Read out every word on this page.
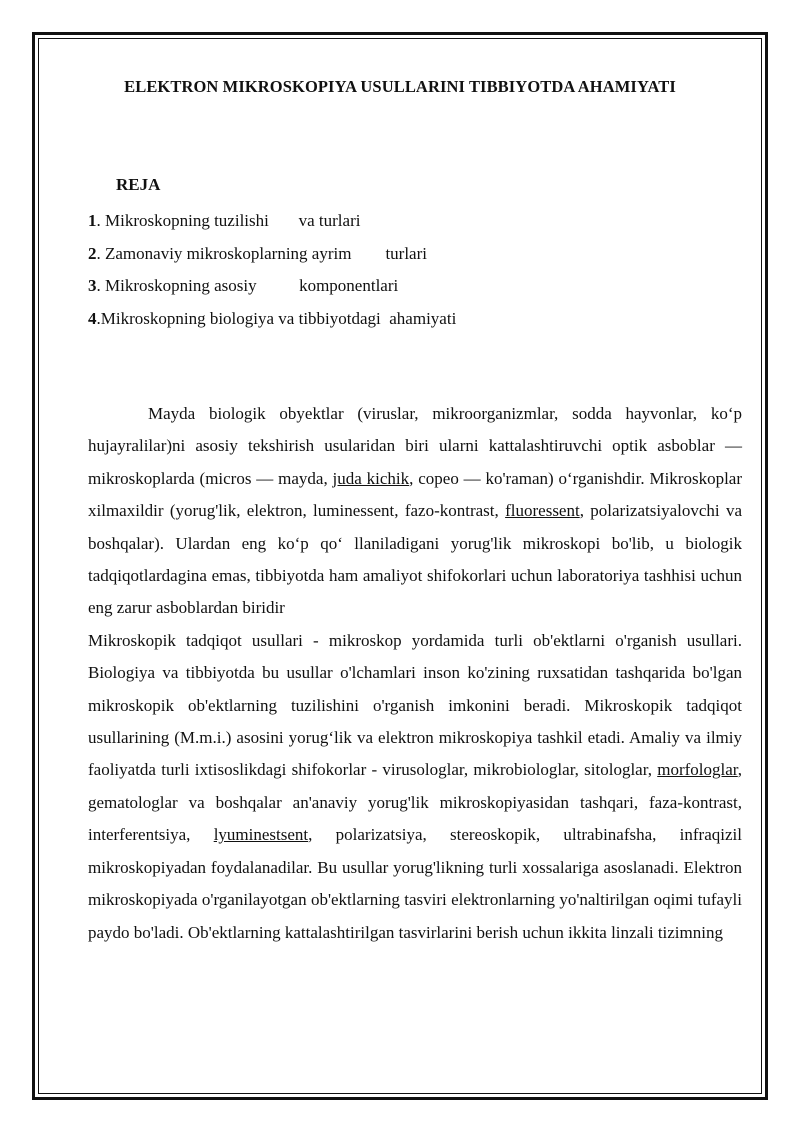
ELEKTRON MIKROSKOPIYA USULLARINI TIBBIYOTDA AHAMIYATI
REJA
1. Mikroskopning tuzilishi       va turlari
2. Zamonaviy mikroskoplarning ayrim        turlari
3. Mikroskopning asosiy          komponentlari
4.Mikroskopning biologiya va tibbiyotdagi  ahamiyati

Mayda biologik obyektlar (viruslar, mikroorganizmlar, sodda hayvonlar, ko‘p hujayralilar)ni asosiy tekshirish usularidan biri ularni kattalashtiruvchi optik asboblar — mikroskoplarda (micros — mayda, juda kichik, copeo — ko'raman) o‘rganishdir. Mikroskoplar xilmaxildir (yorug'lik, elektron, luminessent, fazo-kontrast, fluoressent, polarizatsiyalovchi va boshqalar). Ulardan eng ko‘p qo‘ llaniladigani yorug'lik mikroskopi bo'lib, u biologik tadqiqotlardagina emas, tibbiyotda ham amaliyot shifokorlari uchun laboratoriya tashhisi uchun eng zarur asboblardan biridir

Mikroskopik tadqiqot usullari - mikroskop yordamida turli ob'ektlarni o'rganish usullari. Biologiya va tibbiyotda bu usullar o'lchamlari inson ko'zining ruxsatidan tashqarida bo'lgan mikroskopik ob'ektlarning tuzilishini o'rganish imkonini beradi. Mikroskopik tadqiqot usullarining (M.m.i.) asosini yorug‘lik va elektron mikroskopiya tashkil etadi. Amaliy va ilmiy faoliyatda turli ixtisoslikdagi shifokorlar - virusologlar, mikrobiologlar, sitologlar, morfologlar, gematologlar va boshqalar an'anaviy yorug'lik mikroskopiyasidan tashqari, faza-kontrast, interferentsiya, lyuminestsent, polarizatsiya, stereoskopik, ultrabinafsha, infraqizil mikroskopiyadan foydalanadilar. Bu usullar yorug'likning turli xossalariga asoslanadi. Elektron mikroskopiyada o'rganilayotgan ob'ektlarning tasviri elektronlarning yo'naltirilgan oqimi tufayli paydo bo'ladi. Ob'ektlarning kattalashtirilgan tasvirlarini berish uchun ikkita linzali tizimning
